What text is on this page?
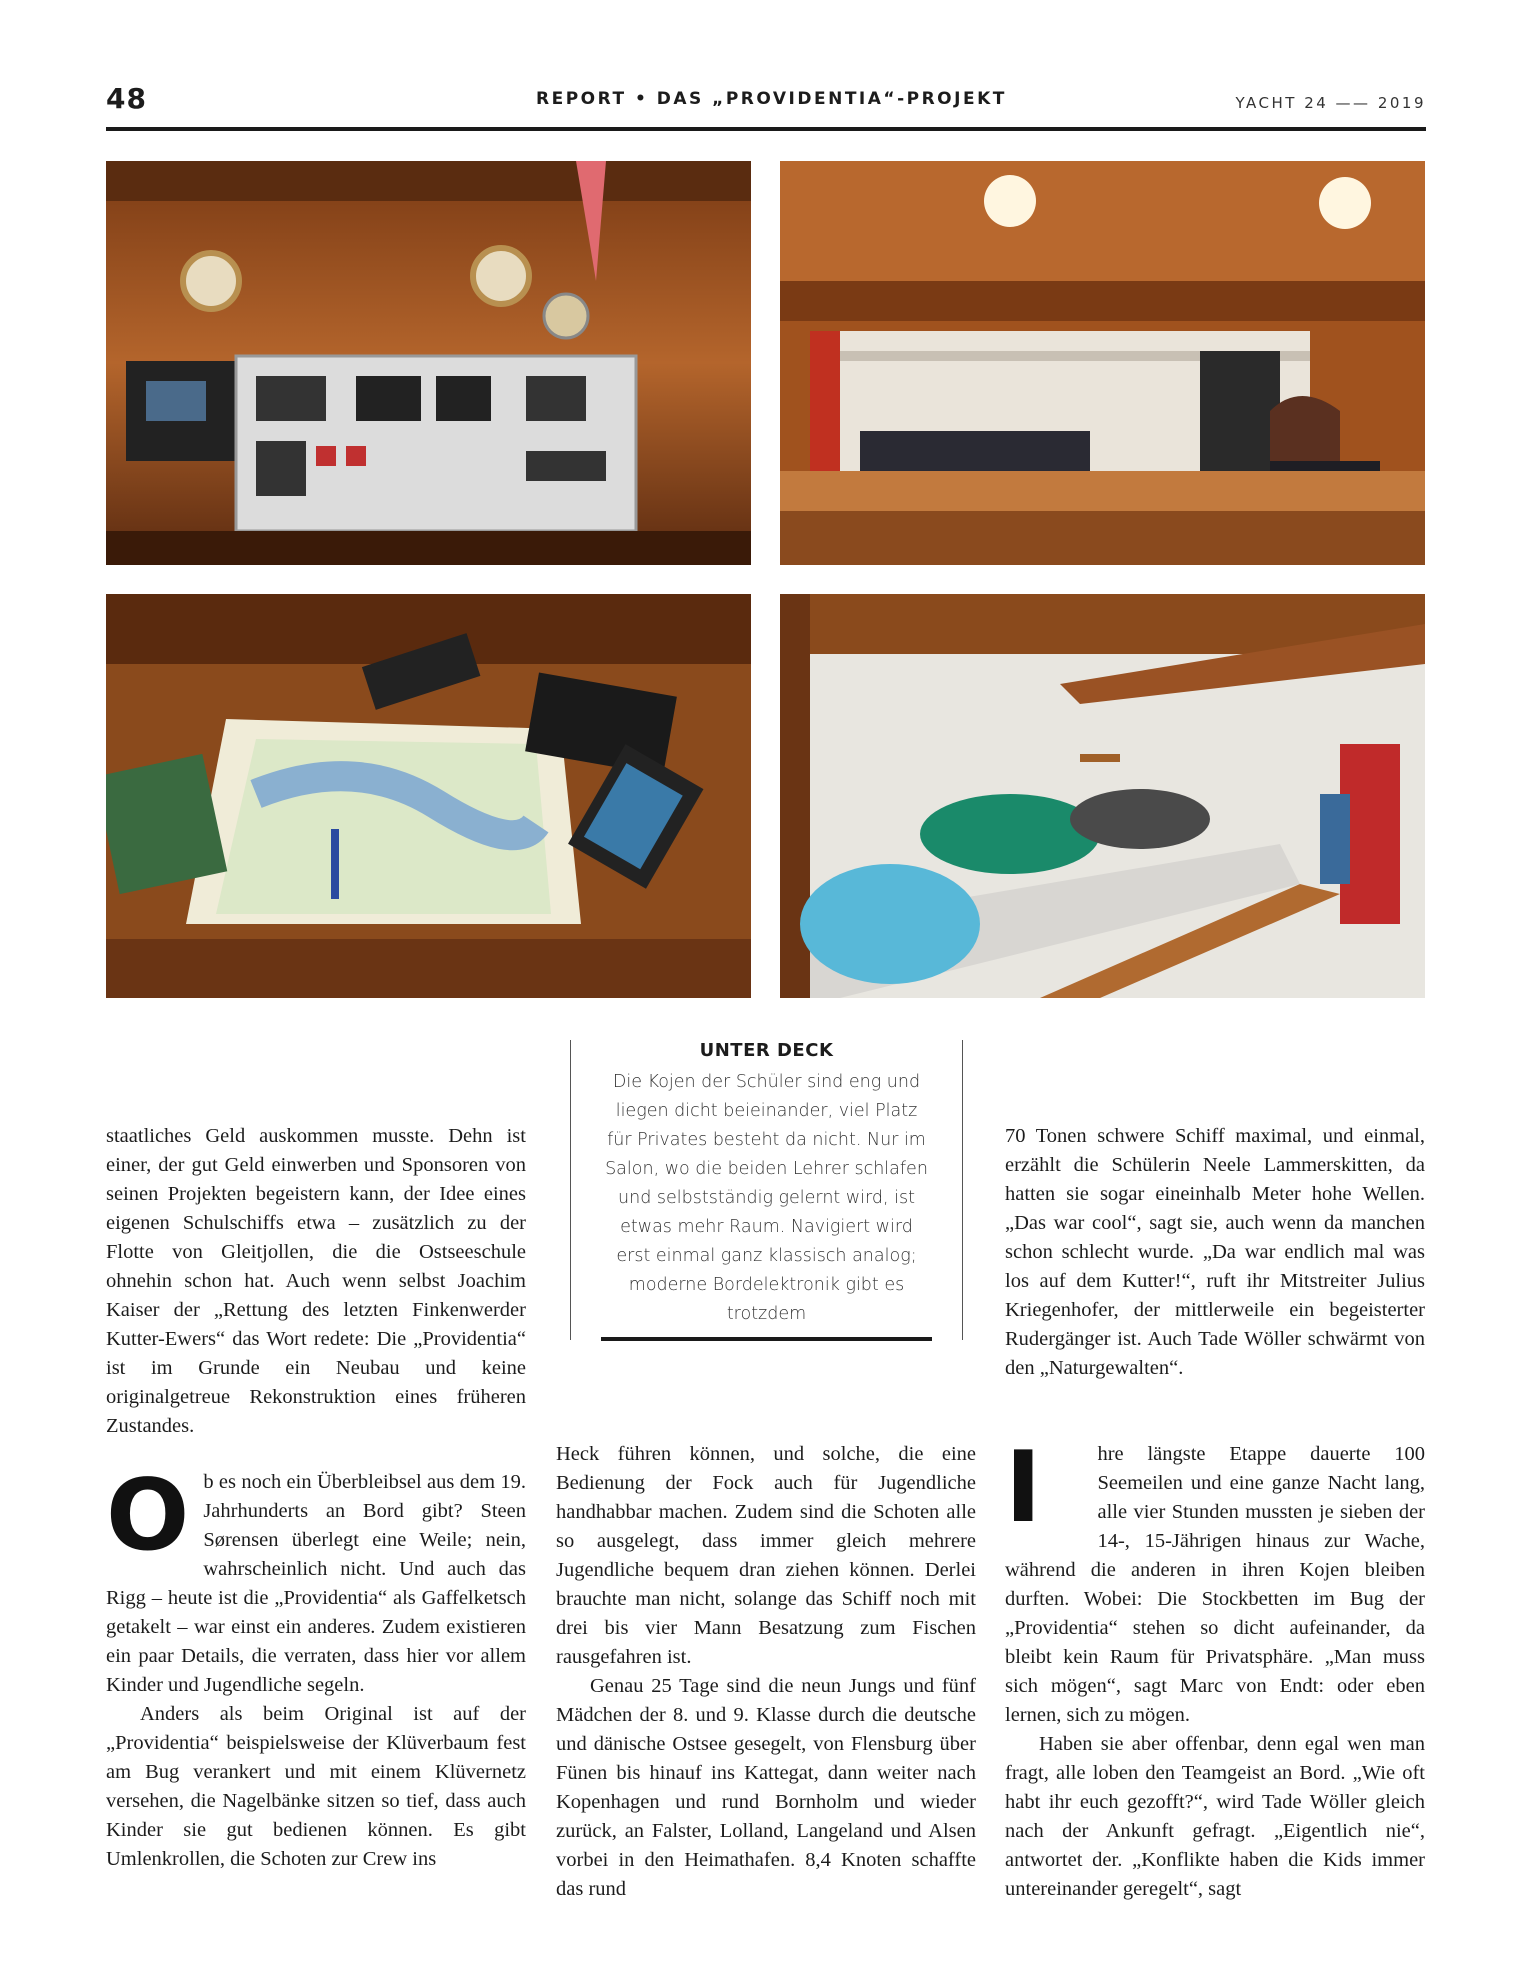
48	REPORT • DAS „PROVIDENTIA“-PROJEKT	YACHT 24 —— 2019
UNTER DECK
Die Kojen der Schüler sind eng und liegen dicht beieinander, viel Platz für Privates besteht da nicht. Nur im Salon, wo die beiden Lehrer schlafen und selbstständig gelernt wird, ist etwas mehr Raum. Navigiert wird erst einmal ganz klassisch analog; moderne Bordelektronik gibt es trotzdem

staatliches Geld auskommen musste. Dehn ist einer, der gut Geld einwerben und Sponsoren von seinen Projekten begeistern kann, der Idee eines eigenen Schulschiffs etwa – zusätzlich zu der Flotte von Gleitjollen, die die Ostseeschule ohnehin schon hat. Auch wenn selbst Joachim Kaiser der „Rettung des letzten Finkenwerder Kutter-Ewers“ das Wort redete: Die „Providentia“ ist im Grunde ein Neubau und keine originalgetreue Rekonstruktion eines früheren Zustandes.

O b es noch ein Überbleibsel aus dem 19. Jahrhunderts an Bord gibt? Steen Sørensen überlegt eine Weile; nein, wahrscheinlich nicht. Und auch das Rigg – heute ist die „Providentia“ als Gaffelketsch getakelt – war einst ein anderes. Zudem existieren ein paar Details, die verraten, dass hier vor allem Kinder und Jugendliche segeln.

Anders als beim Original ist auf der „Providentia“ beispielsweise der Klüverbaum fest am Bug verankert und mit einem Klüvernetz versehen, die Nagelbänke sitzen so tief, dass auch Kinder sie gut bedienen können. Es gibt Umlenkrollen, die Schoten zur Crew ins

Heck führen können, und solche, die eine Bedienung der Fock auch für Jugendliche handhabbar machen. Zudem sind die Schoten alle so ausgelegt, dass immer gleich mehrere Jugendliche bequem dran ziehen können. Derlei brauchte man nicht, solange das Schiff noch mit drei bis vier Mann Besatzung zum Fischen rausgefahren ist.

Genau 25 Tage sind die neun Jungs und fünf Mädchen der 8. und 9. Klasse durch die deutsche und dänische Ostsee gesegelt, von Flensburg über Fünen bis hinauf ins Kattegat, dann weiter nach Kopenhagen und rund Bornholm und wieder zurück, an Falster, Lolland, Langeland und Alsen vorbei in den Heimathafen. 8,4 Knoten schaffte das rund

70 Tonen schwere Schiff maximal, und einmal, erzählt die Schülerin Neele Lammerskitten, da hatten sie sogar eineinhalb Meter hohe Wellen. „Das war cool“, sagt sie, auch wenn da manchen schon schlecht wurde. „Da war endlich mal was los auf dem Kutter!“, ruft ihr Mitstreiter Julius Kriegenhofer, der mittlerweile ein begeisterter Rudergänger ist. Auch Tade Wöller schwärmt von den „Naturgewalten“.

I	hre längste Etappe dauerte 100 Seemeilen und eine ganze Nacht lang, alle vier Stunden mussten je sieben der 14-, 15-Jährigen hinaus zur Wache, während die anderen in ihren Kojen bleiben durften. Wobei: Die Stockbetten im Bug der „Providentia“ stehen so dicht aufeinander, da bleibt kein Raum für Privatsphäre. „Man muss sich mögen“, sagt Marc von Endt: oder eben lernen, sich zu mögen.

Haben sie aber offenbar, denn egal wen man fragt, alle loben den Teamgeist an Bord. „Wie oft habt ihr euch gezofft?“, wird Tade Wöller gleich nach der Ankunft gefragt. „Eigentlich nie“, antwortet der. „Konflikte haben die Kids immer untereinander geregelt“, sagt
